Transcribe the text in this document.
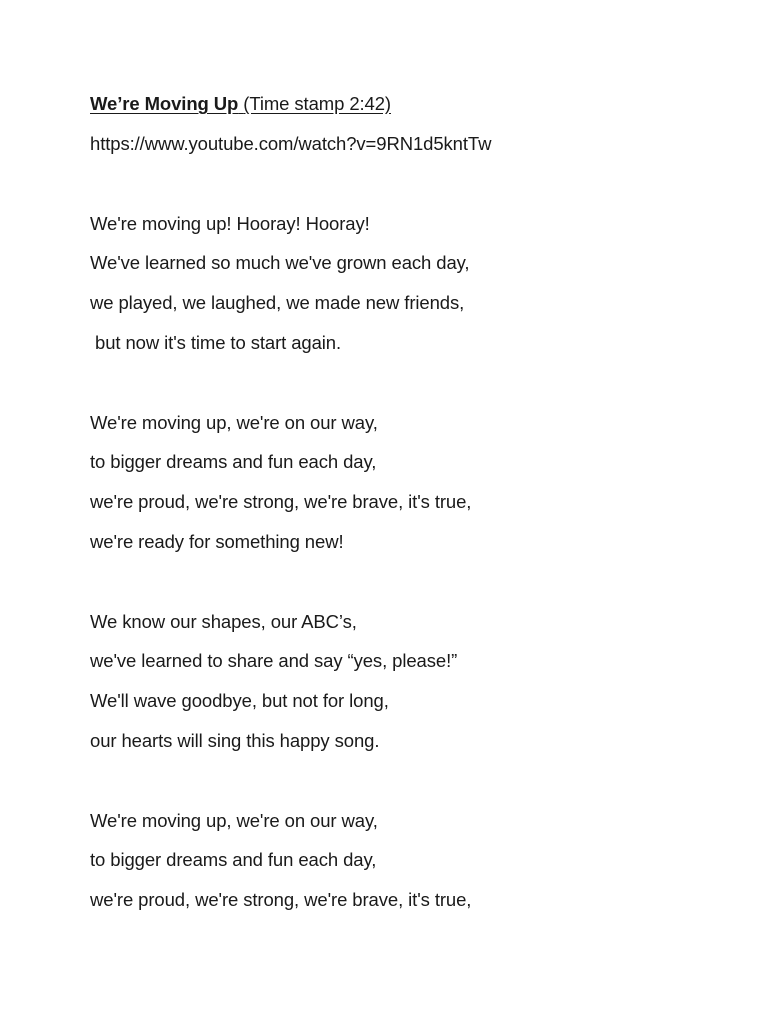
We’re Moving Up (Time stamp 2:42)
https://www.youtube.com/watch?v=9RN1d5kntTw
We're moving up! Hooray! Hooray!
We've learned so much we've grown each day,
we played, we laughed, we made new friends,
but now it's time to start again.
We're moving up, we're on our way,
to bigger dreams and fun each day,
we're proud, we're strong, we're brave, it's true,
we're ready for something new!
We know our shapes, our ABC’s,
we've learned to share and say “yes, please!”
We'll wave goodbye, but not for long,
our hearts will sing this happy song.
We're moving up, we're on our way,
to bigger dreams and fun each day,
we're proud, we're strong, we're brave, it's true,
